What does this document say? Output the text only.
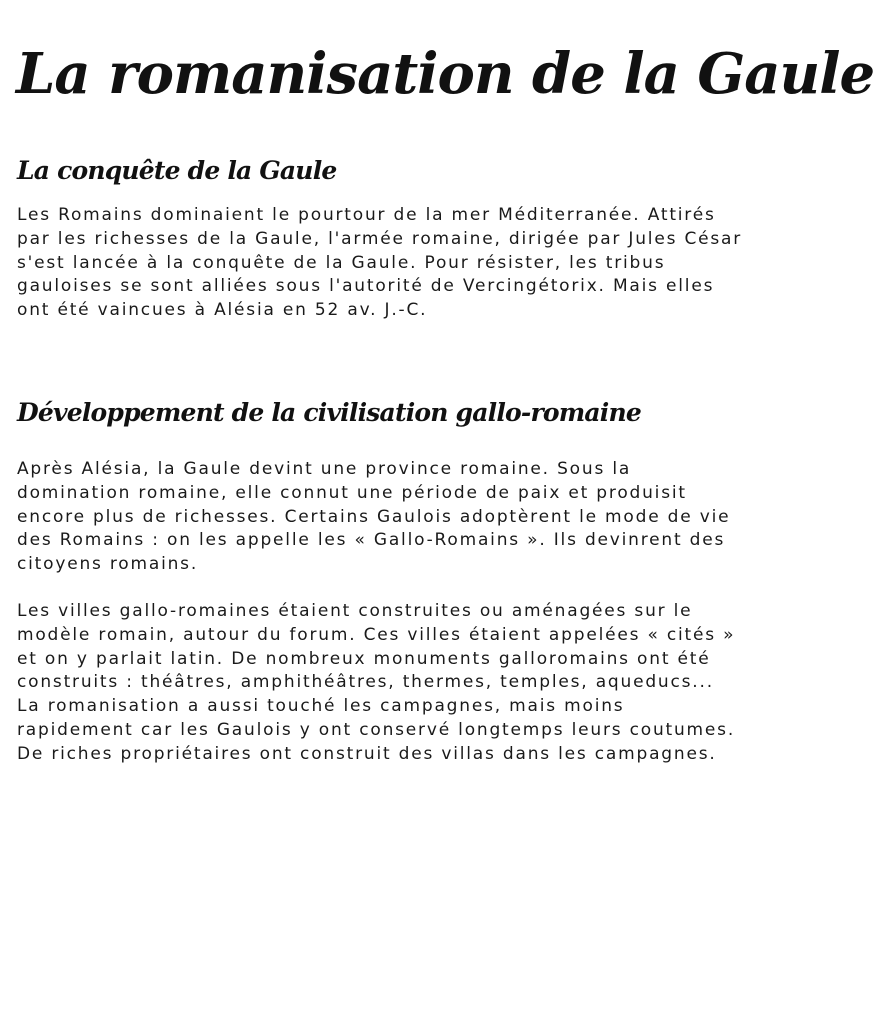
La romanisation de la Gaule
La conquête de la Gaule

Les Romains dominaient le pourtour de la mer Méditerranée. Attirés par les richesses de la Gaule, l'armée romaine, dirigée par Jules César s'est lancée à la conquête de la Gaule. Pour résister, les tribus gauloises se sont alliées sous l'autorité de Vercingétorix. Mais elles ont été vaincues à Alésia en 52 av. J.-C.

Développement de la civilisation gallo-romaine

Après Alésia, la Gaule devint une province romaine. Sous la domination romaine, elle connut une période de paix et produisit encore plus de richesses. Certains Gaulois adoptèrent le mode de vie des Romains : on les appelle les « Gallo-Romains ». Ils devinrent des citoyens romains.

Les villes gallo-romaines étaient construites ou aménagées sur le modèle romain, autour du forum. Ces villes étaient appelées « cités » et on y parlait latin. De nombreux monuments galloromains ont été construits : théâtres, amphithéâtres, thermes, temples, aqueducs... La romanisation a aussi touché les campagnes, mais moins rapidement car les Gaulois y ont conservé longtemps leurs coutumes. De riches propriétaires ont construit des villas dans les campagnes.
